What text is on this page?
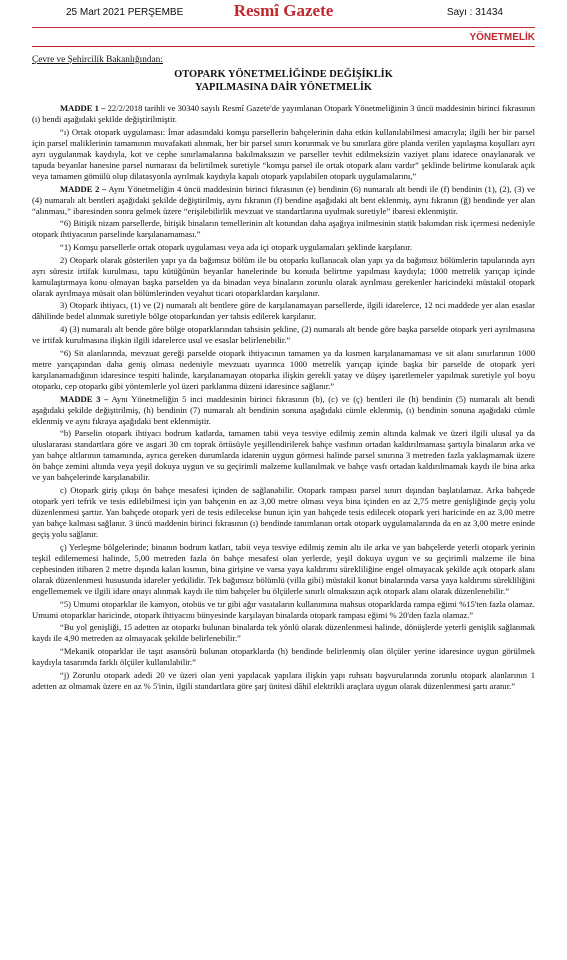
25 Mart 2021 PERŞEMBE	Resmî Gazete	Sayı : 31434
YÖNETMELİK
Çevre ve Şehircilik Bakanlığından:
OTOPARK YÖNETMELİĞİNDE DEĞİŞİKLİK
YAPILMASINA DAİR YÖNETMELİK

MADDE 1 – 22/2/2018 tarihli ve 30340 sayılı Resmî Gazete'de yayımlanan Otopark Yönetmeliğinin 3 üncü maddesinin birinci fıkrasının (ı) bendi aşağıdaki şekilde değiştirilmiştir.

“ı) Ortak otopark uygulaması: İmar adasındaki komşu parsellerin bahçelerinin daha etkin kullanılabilmesi amacıyla; ilgili her bir parsel için parsel maliklerinin tamamının muvafakati alınmak, her bir parsel sınırı korunmak ve bu sınırlara göre planda verilen yapılaşma koşulları ayrı ayrı uygulanmak kaydıyla, kot ve cephe sınırlamalarına bakılmaksızın ve parseller tevhit edilmeksizin vaziyet planı idarece onaylanarak ve tapuda beyanlar hanesine parsel numarası da belirtilmek suretiyle “komşu parsel ile ortak otopark alanı vardır” şeklinde belirtme konularak açık veya tamamen gömülü olup dilatasyonla ayrılmak kaydıyla kapalı otopark yapılabilen otopark uygulamalarını,”

MADDE 2 – Aynı Yönetmeliğin 4 üncü maddesinin birinci fıkrasının (e) bendinin (6) numaralı alt bendi ile (f) bendinin (1), (2), (3) ve (4) numaralı alt bentleri aşağıdaki şekilde değiştirilmiş, aynı fıkranın (f) bendine aşağıdaki alt bent eklenmiş, aynı fıkranın (ğ) bendinde yer alan “alınması,” ibaresinden sonra gelmek üzere “erişilebilirlik mevzuat ve standartlarına uyulmak suretiyle” ibaresi eklenmiştir.

“6) Bitişik nizam parsellerde, bitişik binaların temellerinin alt kotundan daha aşağıya inilmesinin statik bakımdan risk içermesi nedeniyle otopark ihtiyacının parselinde karşılanamaması.”

“1) Komşu parsellerle ortak otopark uygulaması veya ada içi otopark uygulamaları şeklinde karşılanır.

2) Otopark olarak gösterilen yapı ya da bağımsız bölüm ile bu otoparkı kullanacak olan yapı ya da bağımsız bölümlerin tapularında ayrı ayrı süresiz irtifak kurulması, tapu kütüğünün beyanlar hanelerinde bu konuda belirtme yapılması kaydıyla; 1000 metrelik yarıçap içinde kamulaştırmaya konu olmayan başka parselden ya da binadan veya binaların zorunlu olarak ayrılması gerekenler haricindeki müstakil otopark olarak ayrılmaya müsait olan bölümlerinden veyahut ticari otoparklardan karşılanır.

3) Otopark ihtiyacı, (1) ve (2) numaralı alt bentlere göre de karşılanamayan parsellerde, ilgili idarelerce, 12 nci maddede yer alan esaslar dâhilinde bedel alınmak suretiyle bölge otoparkından yer tahsis edilerek karşılanır.

4) (3) numaralı alt bende göre bölge otoparklarından tahsisin şekline, (2) numaralı alt bende göre başka parselde otopark yeri ayrılmasına ve irtifak kurulmasına ilişkin ilgili idarelerce usul ve esaslar belirlenebilir.”

“6) Sit alanlarında, mevzuat gereği parselde otopark ihtiyacının tamamen ya da kısmen karşılanamaması ve sit alanı sınırlarının 1000 metre yarıçapından daha geniş olması nedeniyle mevzuatı uyarınca 1000 metrelik yarıçap içinde başka bir parselde de otopark yeri karşılanamadığının idaresince tespiti halinde, karşılanamayan otoparka ilişkin gerekli yatay ve düşey işaretlemeler yapılmak suretiyle yol boyu otoparkı, cep otoparkı gibi yöntemlerle yol üzeri parklanma düzeni idaresince sağlanır.”

MADDE 3 – Aynı Yönetmeliğin 5 inci maddesinin birinci fıkrasının (b), (c) ve (ç) bentleri ile (h) bendinin (5) numaralı alt bendi aşağıdaki şekilde değiştirilmiş, (h) bendinin (7) numaralı alt bendinin sonuna aşağıdaki cümle eklenmiş, (ı) bendinin sonuna aşağıdaki cümle eklenmiş ve aynı fıkraya aşağıdaki bent eklenmiştir.

“b) Parselin otopark ihtiyacı bodrum katlarda, tamamen tabii veya tesviye edilmiş zemin altında kalmak ve üzeri ilgili ulusal ya da uluslararası standartlara göre ve asgari 30 cm toprak örtüsüyle yeşillendirilerek bahçe vasfının ortadan kaldırılmaması şartıyla binaların arka ve yan bahçe altlarının tamamında, ayrıca gereken durumlarda idarenin uygun görmesi halinde parsel sınırına 3 metreden fazla yaklaşmamak üzere ön bahçe zemini altında veya yeşil dokuya uygun ve su geçirimli malzeme kullanılmak ve bahçe vasfı ortadan kaldırılmamak kaydı ile bina arka ve yan bahçelerinde karşılanabilir.

c) Otopark giriş çıkışı ön bahçe mesafesi içinden de sağlanabilir. Otopark rampası parsel sınırı dışından başlatılamaz. Arka bahçede otopark yeri tefrik ve tesis edilebilmesi için yan bahçenin en az 3,00 metre olması veya bina içinden en az 2,75 metre genişliğinde geçiş yolu düzenlenmesi şarttır. Yan bahçede otopark yeri de tesis edilecekse bunun için yan bahçede tesis edilecek otopark yeri haricinde en az 3,00 metre yan bahçe kalması sağlanır. 3 üncü maddenin birinci fıkrasının (ı) bendinde tanımlanan ortak otopark uygulamalarında da en az 3,00 metre eninde geçiş yolu sağlanır.

ç) Yerleşme bölgelerinde; binanın bodrum katları, tabii veya tesviye edilmiş zemin altı ile arka ve yan bahçelerde yeterli otopark yerinin teşkil edilememesi halinde, 5,00 metreden fazla ön bahçe mesafesi olan yerlerde, yeşil dokuya uygun ve su geçirimli malzeme ile bina cephesinden itibaren 2 metre dışında kalan kısmın, bina girişine ve varsa yaya kaldırımı sürekliliğine engel olmayacak şekilde açık otopark alanı olarak düzenlenmesi hususunda idareler yetkilidir. Tek bağımsız bölümlü (villa gibi) müstakil konut binalarında varsa yaya kaldırımı sürekliliğini engellememek ve ilgili idare onayı alınmak kaydı ile tüm bahçeler bu ölçülerle sınırlı olmaksızın açık otopark alanı olarak düzenlenebilir.”

“5) Umumi otoparklar ile kamyon, otobüs ve tır gibi ağır vasıtaların kullanımına mahsus otoparklarda rampa eğimi %15'ten fazla olamaz. Umumi otoparklar haricinde, otopark ihtiyacını bünyesinde karşılayan binalarda otopark rampası eğimi % 20'den fazla olamaz.”

“Bu yol genişliği, 15 adetten az otoparkı bulunan binalarda tek yönlü olarak düzenlenmesi halinde, dönüşlerde yeterli genişlik sağlanmak kaydı ile 4,90 metreden az olmayacak şekilde belirlenebilir.”

“Mekanik otoparklar ile taşıt asansörü bulunan otoparklarda (h) bendinde belirlenmiş olan ölçüler yerine idaresince uygun görülmek kaydıyla tasarımda farklı ölçüler kullanılabilir.”

“j) Zorunlu otopark adedi 20 ve üzeri olan yeni yapılacak yapılara ilişkin yapı ruhsatı başvurularında zorunlu otopark alanlarının 1 adetten az olmamak üzere en az % 5'inin, ilgili standartlara göre şarj ünitesi dâhil elektrikli araçlara uygun olarak düzenlenmesi şartı aranır.”
